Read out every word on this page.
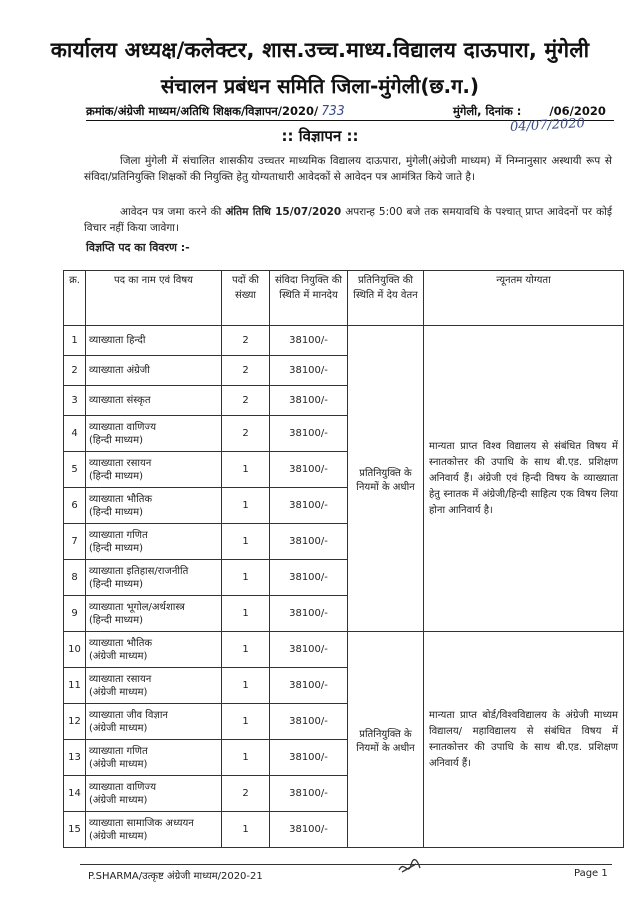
कार्यालय अध्यक्ष/कलेक्टर, शास.उच्च.माध्य.विद्यालय दाऊपारा, मुंगेली
संचालन प्रबंधन समिति जिला-मुंगेली(छ.ग.)
क्रमांक/अंग्रेजी माध्यम/अतिथि शिक्षक/विज्ञापन/2020/ 733	मुंगेली, दिनांक : /06/2020
04/07/2020
:: विज्ञापन ::
जिला मुंगेली में संचालित शासकीय उच्चतर माध्यमिक विद्यालय दाऊपारा, मुंगेली(अंग्रेजी माध्यम) में निम्नानुसार अस्थायी रूप से संविदा/प्रतिनियुक्ति शिक्षकों की नियुक्ति हेतु योग्यताधारी आवेदकों से आवेदन पत्र आमंत्रित किये जाते है।
आवेदन पत्र जमा करने की अंतिम तिथि 15/07/2020 अपरान्ह 5:00 बजे तक समयावधि के पश्चात् प्राप्त आवेदनों पर कोई विचार नहीं किया जावेगा।
विज्ञप्ति पद का विवरण :-
क्र.	पद का नाम एवं विषय	पदों की संख्या	संविदा नियुक्ति की स्थिति में मानदेय	प्रतिनियुक्ति की स्थिति में देय वेतन	न्यूनतम योग्यता
1	व्याख्याता हिन्दी	2	38100/-	प्रतिनियुक्ति के नियमों के अधीन	मान्यता प्राप्त विश्व विद्यालय से संबंधित विषय में स्नातकोत्तर की उपाधि के साथ बी.एड. प्रशिक्षण अनिवार्य हैं। अंग्रेजी एवं हिन्दी विषय के व्याख्याता हेतु स्नातक में अंग्रेजी/हिन्दी साहित्य एक विषय लिया होना आनिवार्य है।
2	व्याख्याता अंग्रेजी	2	38100/-		
3	व्याख्याता संस्कृत	2	38100/-		
4	व्याख्याता वाणिज्य
(हिन्दी माध्यम)	2	38100/-		
5	व्याख्याता रसायन
(हिन्दी माध्यम)	1	38100/-		
6	व्याख्याता भौतिक
(हिन्दी माध्यम)	1	38100/-		
7	व्याख्याता गणित
(हिन्दी माध्यम)	1	38100/-		
8	व्याख्याता इतिहास/राजनीति
(हिन्दी माध्यम)	1	38100/-		
9	व्याख्याता भूगोल/अर्थशास्त्र
(हिन्दी माध्यम)	1	38100/-		
10	व्याख्याता भौतिक
(अंग्रेजी माध्यम)	1	38100/-	प्रतिनियुक्ति के नियमों के अधीन	मान्यता प्राप्त बोर्ड/विश्वविद्यालय के अंग्रेजी माध्यम विद्यालय/ महाविद्यालय से संबंधित विषय में स्नातकोत्तर की उपाधि के साथ बी.एड. प्रशिक्षण अनिवार्य हैं।
11	व्याख्याता रसायन
(अंग्रेजी माध्यम)	1	38100/-		
12	व्याख्याता जीव विज्ञान
(अंग्रेजी माध्यम)	1	38100/-		
13	व्याख्याता गणित
(अंग्रेजी माध्यम)	1	38100/-		
14	व्याख्याता वाणिज्य
(अंग्रेजी माध्यम)	2	38100/-		
15	व्याख्याता सामाजिक अध्ययन
(अंग्रेजी माध्यम)	1	38100/-		
P.SHARMA/उत्कृष्ट अंग्रेजी माध्यम/2020-21	Page 1
